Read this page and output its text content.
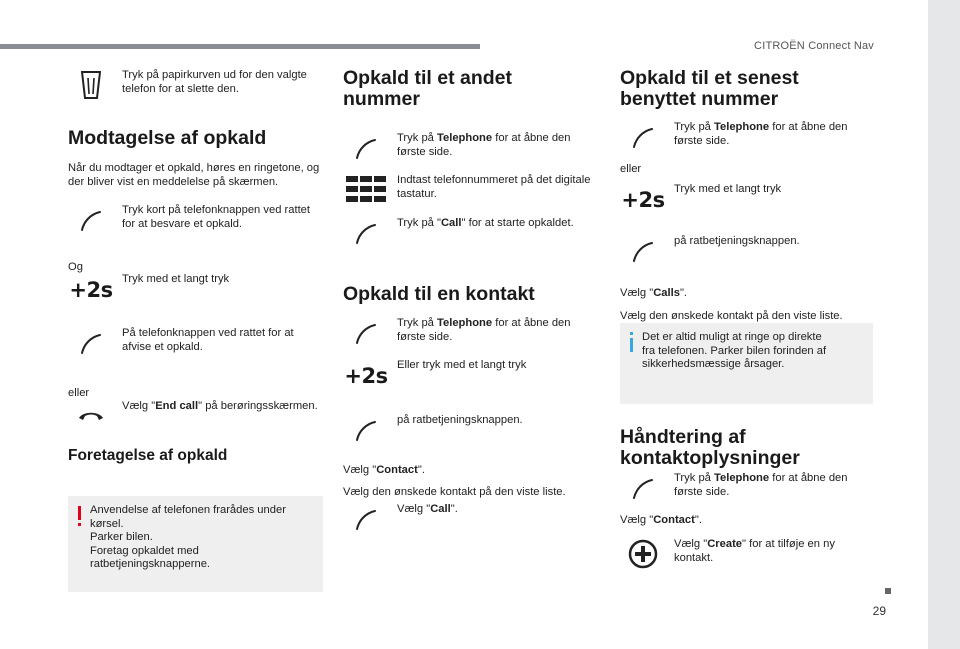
CITROËN Connect Nav
Tryk på papirkurven ud for den valgte telefon for at slette den.
Modtagelse af opkald
Når du modtager et opkald, høres en ringetone, og der bliver vist en meddelelse på skærmen.
Tryk kort på telefonknappen ved rattet for at besvare et opkald.
Og
+2s Tryk med et langt tryk
På telefonknappen ved rattet for at afvise et opkald.
eller
Vælg "End call" på berøringsskærmen.
Foretagelse af opkald
Anvendelse af telefonen frarådes under
kørsel.
Parker bilen.
Foretag opkaldet med
ratbetjeningsknapperne.
Opkald til et andet nummer
Tryk på Telephone for at åbne den første side.
Indtast telefonnummeret på det digitale tastatur.
Tryk på "Call" for at starte opkaldet.
Opkald til en kontakt
Tryk på Telephone for at åbne den første side.
+2s Eller tryk med et langt tryk
på ratbetjeningsknappen.
Vælg "Contact".
Vælg den ønskede kontakt på den viste liste.
Vælg "Call".
Opkald til et senest benyttet nummer
Tryk på Telephone for at åbne den første side.
eller
+2s Tryk med et langt tryk
på ratbetjeningsknappen.
Vælg "Calls".
Vælg den ønskede kontakt på den viste liste.
Det er altid muligt at ringe op direkte
fra telefonen. Parker bilen forinden af
sikkerhedsmæssige årsager.
Håndtering af kontaktoplysninger
Tryk på Telephone for at åbne den første side.
Vælg "Contact".
Vælg "Create" for at tilføje en ny kontakt.
29
